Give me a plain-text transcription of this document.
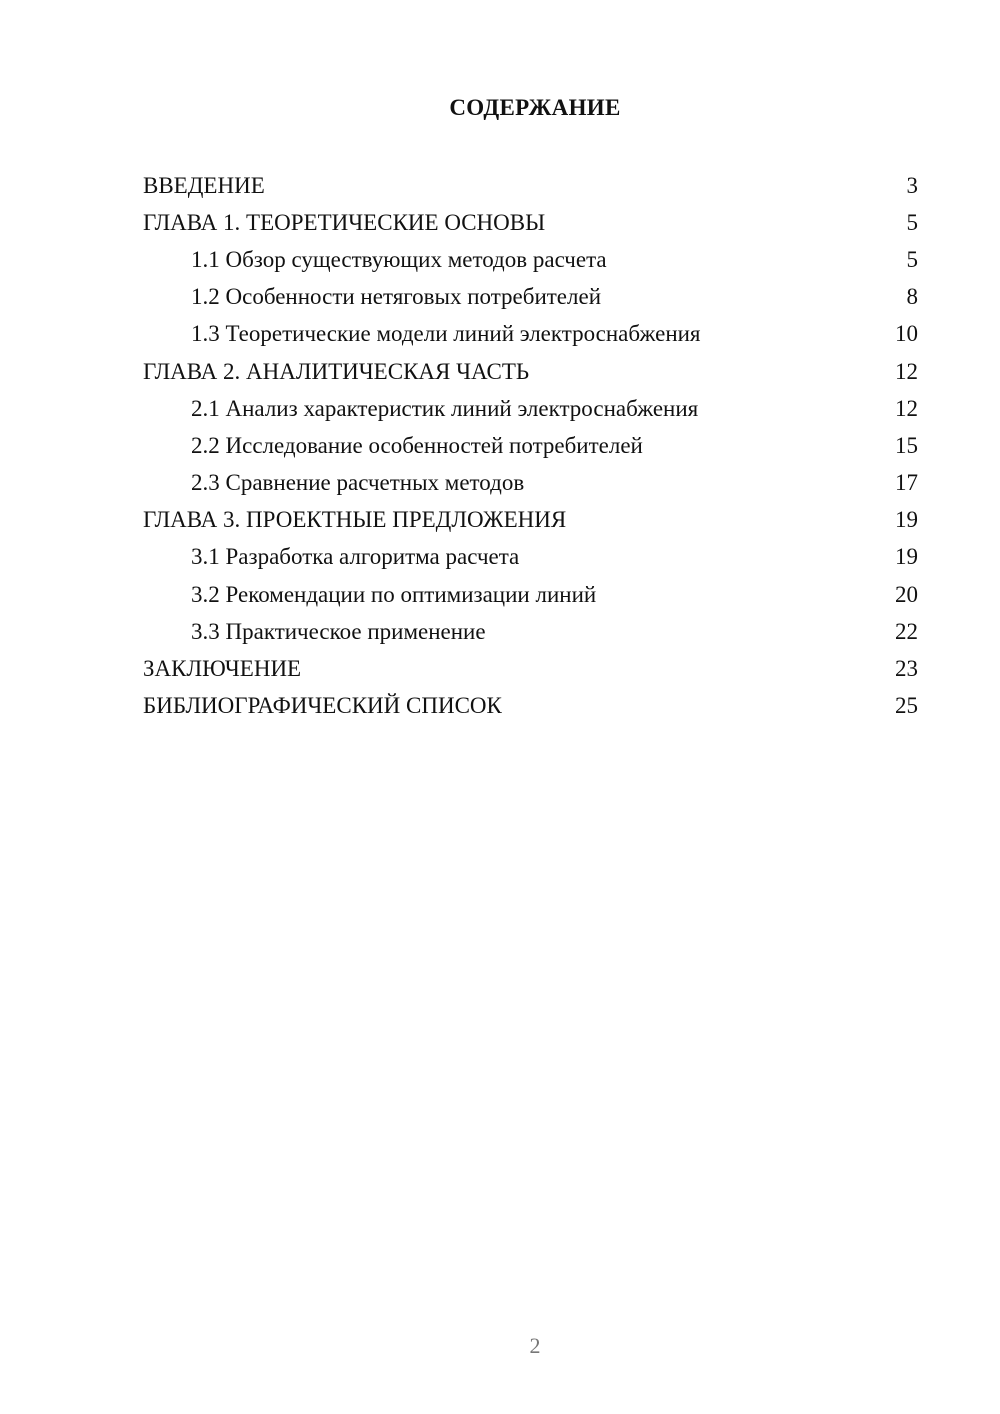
СОДЕРЖАНИЕ
ВВЕДЕНИЕ	3
ГЛАВА 1. ТЕОРЕТИЧЕСКИЕ ОСНОВЫ	5
1.1 Обзор существующих методов расчета	5
1.2 Особенности нетяговых потребителей	8
1.3 Теоретические модели линий электроснабжения	10
ГЛАВА 2. АНАЛИТИЧЕСКАЯ ЧАСТЬ	12
2.1 Анализ характеристик линий электроснабжения	12
2.2 Исследование особенностей потребителей	15
2.3 Сравнение расчетных методов	17
ГЛАВА 3. ПРОЕКТНЫЕ ПРЕДЛОЖЕНИЯ	19
3.1 Разработка алгоритма расчета	19
3.2 Рекомендации по оптимизации линий	20
3.3 Практическое применение	22
ЗАКЛЮЧЕНИЕ	23
БИБЛИОГРАФИЧЕСКИЙ СПИСОК	25
2
